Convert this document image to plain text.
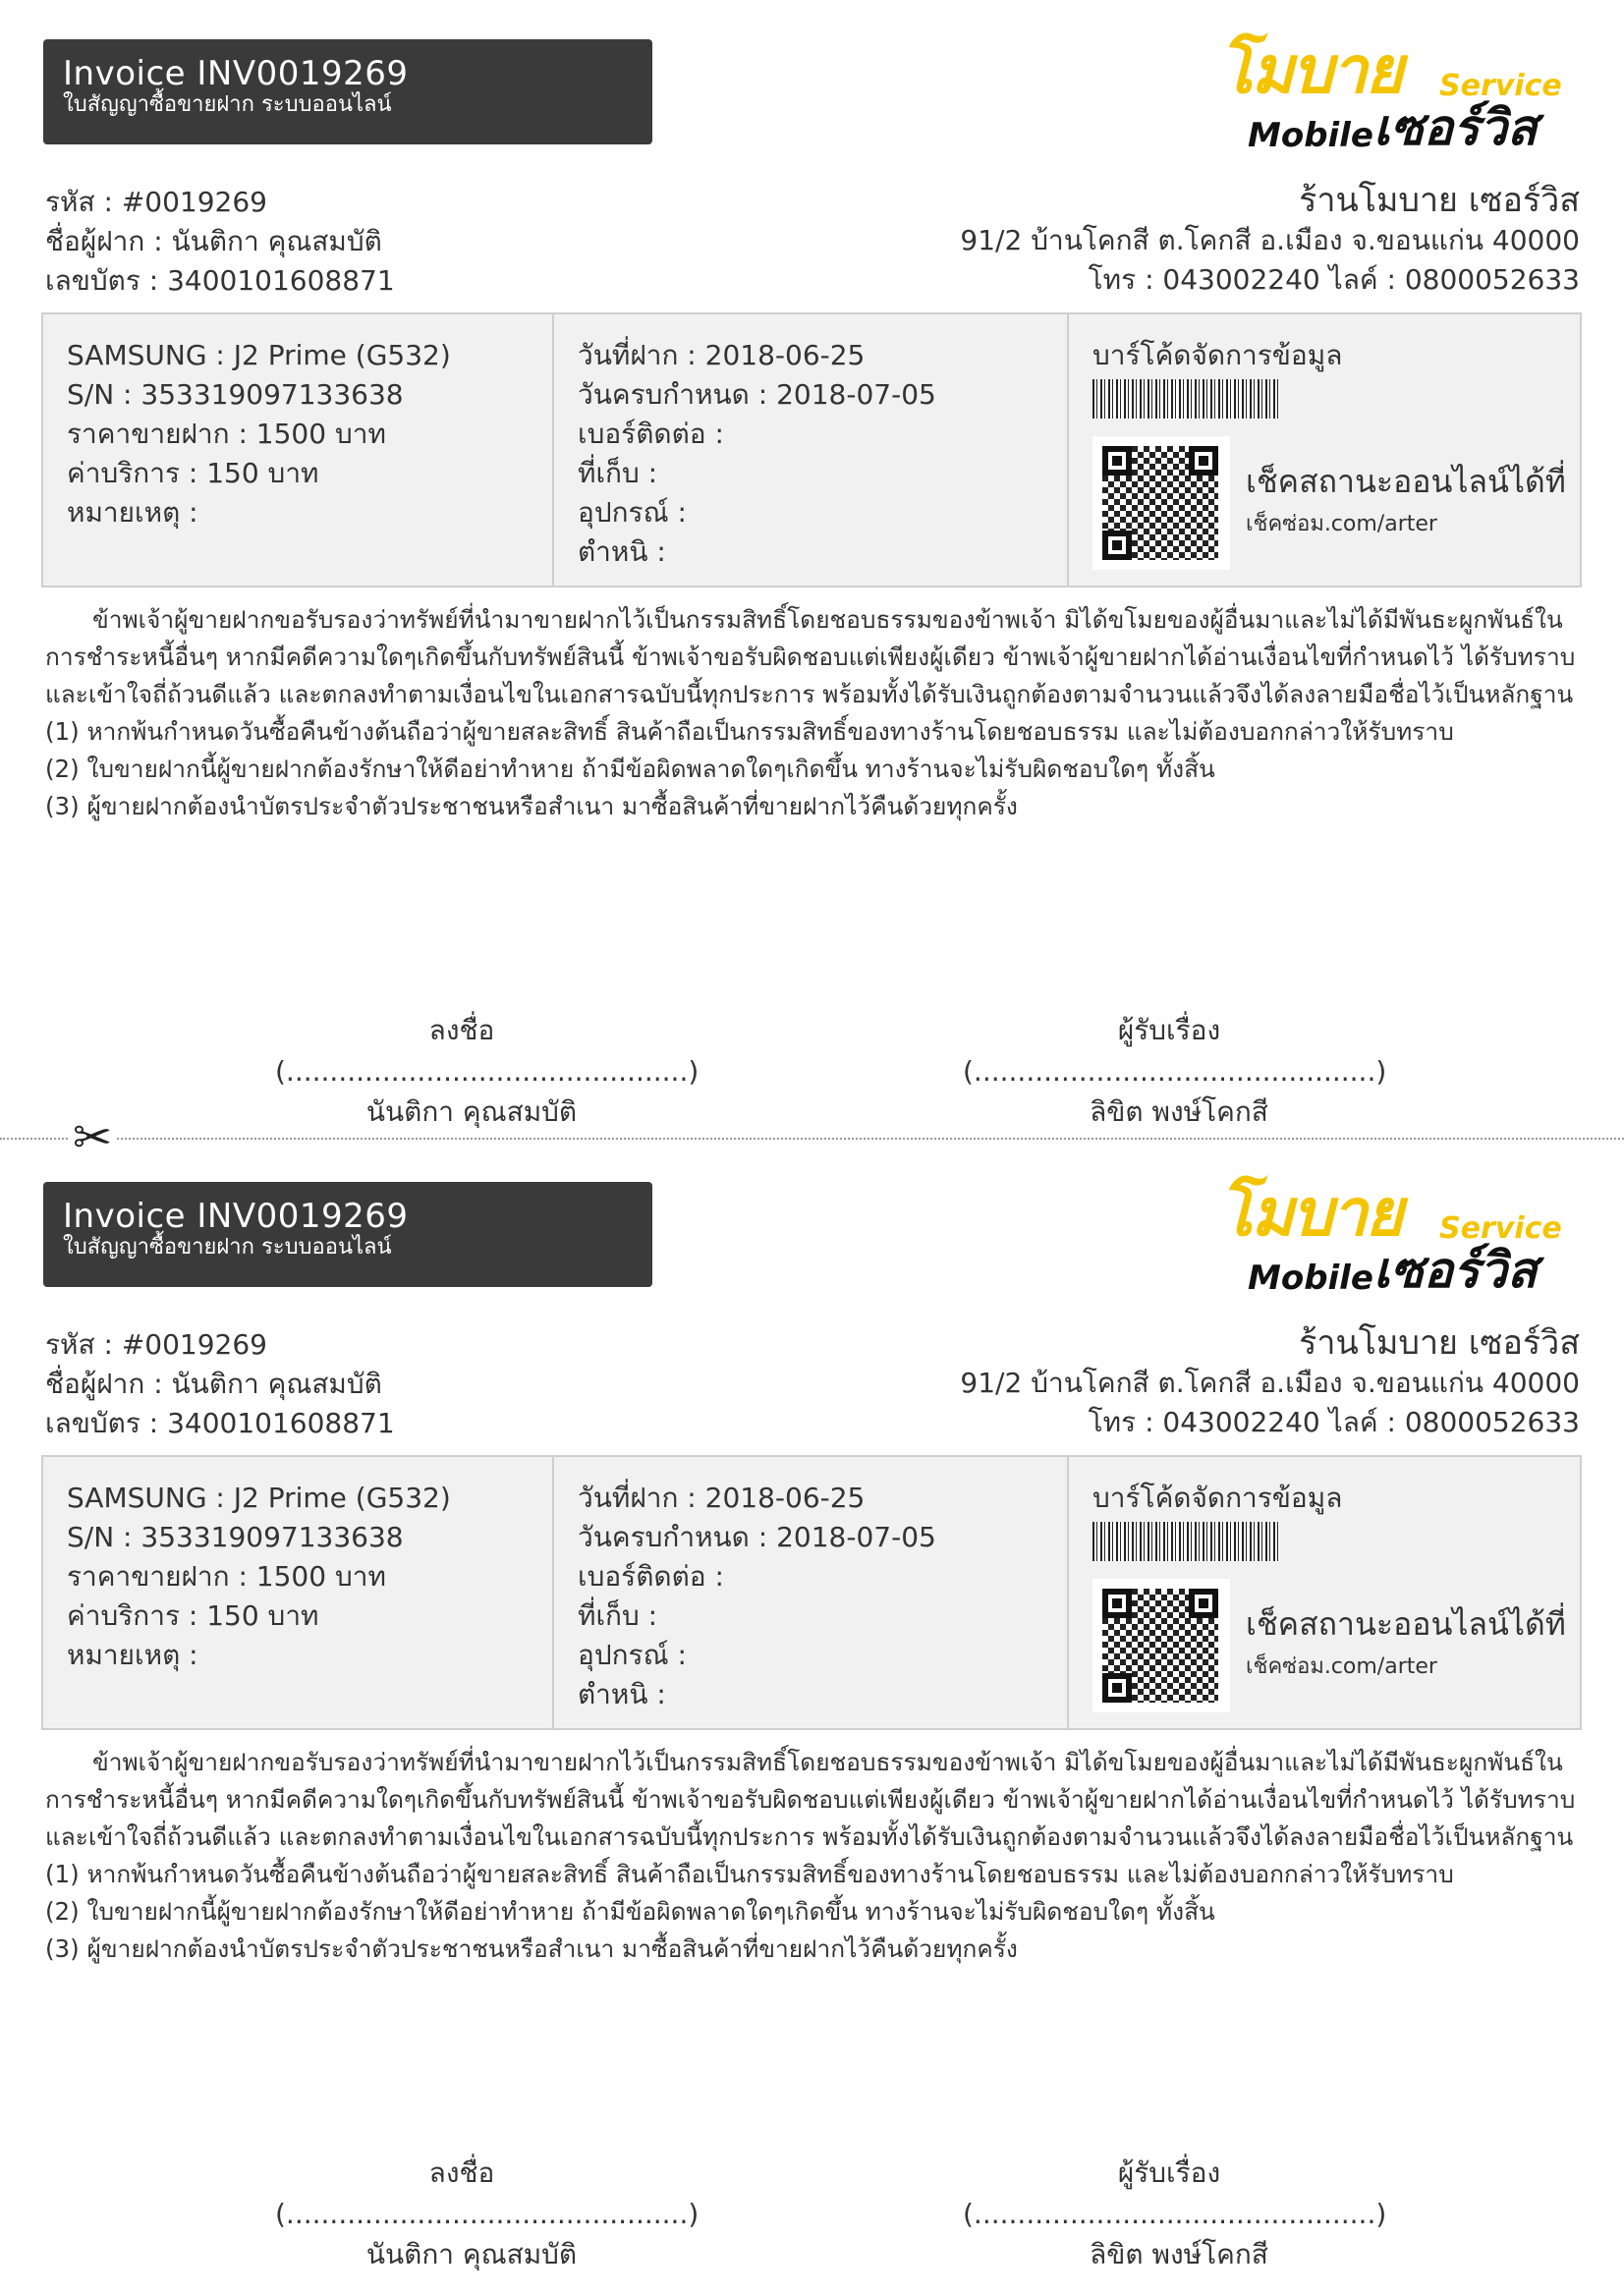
Invoice INV0019269
ใบสัญญาซื้อขายฝาก ระบบออนไลน์	โมบาย Service
Mobile เซอร์วิส
รหัส : #0019269
ชื่อผู้ฝาก : นันติกา คุณสมบัติ
เลขบัตร : 3400101608871
ร้านโมบาย เซอร์วิส
91/2 บ้านโคกสี ต.โคกสี อ.เมือง จ.ขอนแก่น 40000
โทร : 043002240 ไลค์ : 0800052633
SAMSUNG : J2 Prime (G532)
S/N : 353319097133638
ราคาขายฝาก : 1500 บาท
ค่าบริการ : 150 บาท
หมายเหตุ :
วันที่ฝาก : 2018-06-25
วันครบกำหนด : 2018-07-05
เบอร์ติดต่อ :
ที่เก็บ :
อุปกรณ์ :
ตำหนิ :
บาร์โค้ดจัดการข้อมูล
เช็คสถานะออนไลน์ได้ที่
เช็คซ่อม.com/arter
ข้าพเจ้าผู้ขายฝากขอรับรองว่าทรัพย์ที่นำมาขายฝากไว้เป็นกรรมสิทธิ์โดยชอบธรรมของข้าพเจ้า มิได้ขโมยของผู้อื่นมาและไม่ได้มีพันธะผูกพันธ์ในการชำระหนี้อื่นๆ หากมีคดีความใดๆเกิดขึ้นกับทรัพย์สินนี้ ข้าพเจ้าขอรับผิดชอบแต่เพียงผู้เดียว ข้าพเจ้าผู้ขายฝากได้อ่านเงื่อนไขที่กำหนดไว้ ได้รับทราบและเข้าใจถี่ถ้วนดีแล้ว และตกลงทำตามเงื่อนไขในเอกสารฉบับนี้ทุกประการ พร้อมทั้งได้รับเงินถูกต้องตามจำนวนแล้วจึงได้ลงลายมือชื่อไว้เป็นหลักฐาน
(1) หากพ้นกำหนดวันซื้อคืนข้างต้นถือว่าผู้ขายสละสิทธิ์ สินค้าถือเป็นกรรมสิทธิ์ของทางร้านโดยชอบธรรม และไม่ต้องบอกกล่าวให้รับทราบ
(2) ใบขายฝากนี้ผู้ขายฝากต้องรักษาให้ดีอย่าทำหาย ถ้ามีข้อผิดพลาดใดๆเกิดขึ้น ทางร้านจะไม่รับผิดชอบใดๆ ทั้งสิ้น
(3) ผู้ขายฝากต้องนำบัตรประจำตัวประชาชนหรือสำเนา มาซื้อสินค้าที่ขายฝากไว้คืนด้วยทุกครั้ง
ลงชื่อ (..............................................)
นันติกา คุณสมบัติ
ผู้รับเรื่อง (..............................................)
ลิขิต พงษ์โคกสี
✂
Invoice INV0019269
ใบสัญญาซื้อขายฝาก ระบบออนไลน์	โมบาย Service
Mobile เซอร์วิส
รหัส : #0019269
ชื่อผู้ฝาก : นันติกา คุณสมบัติ
เลขบัตร : 3400101608871
ร้านโมบาย เซอร์วิส
91/2 บ้านโคกสี ต.โคกสี อ.เมือง จ.ขอนแก่น 40000
โทร : 043002240 ไลค์ : 0800052633
SAMSUNG : J2 Prime (G532)
S/N : 353319097133638
ราคาขายฝาก : 1500 บาท
ค่าบริการ : 150 บาท
หมายเหตุ :
วันที่ฝาก : 2018-06-25
วันครบกำหนด : 2018-07-05
เบอร์ติดต่อ :
ที่เก็บ :
อุปกรณ์ :
ตำหนิ :
บาร์โค้ดจัดการข้อมูล
เช็คสถานะออนไลน์ได้ที่
เช็คซ่อม.com/arter
ข้าพเจ้าผู้ขายฝากขอรับรองว่าทรัพย์ที่นำมาขายฝากไว้เป็นกรรมสิทธิ์โดยชอบธรรมของข้าพเจ้า มิได้ขโมยของผู้อื่นมาและไม่ได้มีพันธะผูกพันธ์ในการชำระหนี้อื่นๆ หากมีคดีความใดๆเกิดขึ้นกับทรัพย์สินนี้ ข้าพเจ้าขอรับผิดชอบแต่เพียงผู้เดียว ข้าพเจ้าผู้ขายฝากได้อ่านเงื่อนไขที่กำหนดไว้ ได้รับทราบและเข้าใจถี่ถ้วนดีแล้ว และตกลงทำตามเงื่อนไขในเอกสารฉบับนี้ทุกประการ พร้อมทั้งได้รับเงินถูกต้องตามจำนวนแล้วจึงได้ลงลายมือชื่อไว้เป็นหลักฐาน
(1) หากพ้นกำหนดวันซื้อคืนข้างต้นถือว่าผู้ขายสละสิทธิ์ สินค้าถือเป็นกรรมสิทธิ์ของทางร้านโดยชอบธรรม และไม่ต้องบอกกล่าวให้รับทราบ
(2) ใบขายฝากนี้ผู้ขายฝากต้องรักษาให้ดีอย่าทำหาย ถ้ามีข้อผิดพลาดใดๆเกิดขึ้น ทางร้านจะไม่รับผิดชอบใดๆ ทั้งสิ้น
(3) ผู้ขายฝากต้องนำบัตรประจำตัวประชาชนหรือสำเนา มาซื้อสินค้าที่ขายฝากไว้คืนด้วยทุกครั้ง
ลงชื่อ (..............................................)
นันติกา คุณสมบัติ
ผู้รับเรื่อง (..............................................)
ลิขิต พงษ์โคกสี
